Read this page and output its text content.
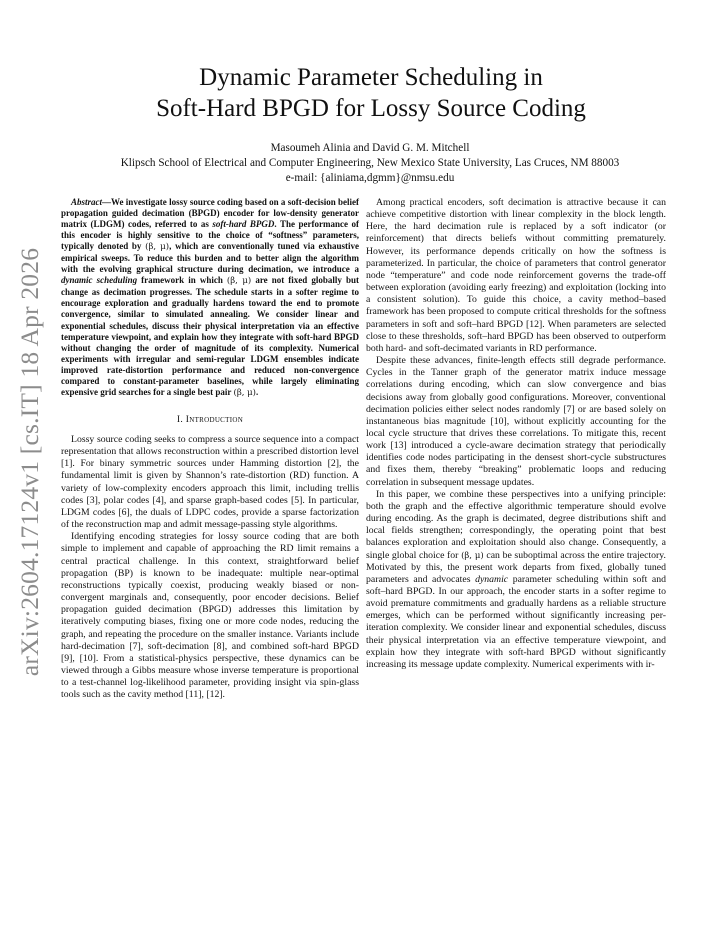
arXiv:2604.17124v1 [cs.IT] 18 Apr 2026
Dynamic Parameter Scheduling in
Soft-Hard BPGD for Lossy Source Coding
Masoumeh Alinia and David G. M. Mitchell
Klipsch School of Electrical and Computer Engineering, New Mexico State University, Las Cruces, NM 88003
e-mail: {aliniama,dgmm}@nmsu.edu

Abstract—We investigate lossy source coding based on a soft-decision belief propagation guided decimation (BPGD) encoder for low-density generator matrix (LDGM) codes, referred to as soft-hard BPGD. The performance of this encoder is highly sensitive to the choice of “softness” parameters, typically denoted by (β, μ), which are conventionally tuned via exhaustive empirical sweeps. To reduce this burden and to better align the algorithm with the evolving graphical structure during decimation, we introduce a dynamic scheduling framework in which (β, μ) are not fixed globally but change as decimation progresses. The schedule starts in a softer regime to encourage exploration and gradually hardens toward the end to promote convergence, similar to simulated annealing. We consider linear and exponential schedules, discuss their physical interpretation via an effective temperature viewpoint, and explain how they integrate with soft-hard BPGD without changing the order of magnitude of its complexity. Numerical experiments with irregular and semi-regular LDGM ensembles indicate improved rate-distortion performance and reduced non-convergence compared to constant-parameter baselines, while largely eliminating expensive grid searches for a single best pair (β, μ).

I. Introduction

Lossy source coding seeks to compress a source sequence into a compact representation that allows reconstruction within a prescribed distortion level [1]. For binary symmetric sources under Hamming distortion [2], the fundamental limit is given by Shannon’s rate-distortion (RD) function. A variety of low-complexity encoders approach this limit, including trellis codes [3], polar codes [4], and sparse graph-based codes [5]. In particular, LDGM codes [6], the duals of LDPC codes, provide a sparse factorization of the reconstruction map and admit message-passing style algorithms.

Identifying encoding strategies for lossy source coding that are both simple to implement and capable of approaching the RD limit remains a central practical challenge. In this context, straightforward belief propagation (BP) is known to be inadequate: multiple near-optimal reconstructions typically coexist, producing weakly biased or non-convergent marginals and, consequently, poor encoder decisions. Belief propagation guided decimation (BPGD) addresses this limitation by iteratively computing biases, fixing one or more code nodes, reducing the graph, and repeating the procedure on the smaller instance. Variants include hard-decimation [7], soft-decimation [8], and combined soft-hard BPGD [9], [10]. From a statistical-physics perspective, these dynamics can be viewed through a Gibbs measure whose inverse temperature is proportional to a test-channel log-likelihood parameter, providing insight via spin-glass tools such as the cavity method [11], [12].

Among practical encoders, soft decimation is attractive because it can achieve competitive distortion with linear complexity in the block length. Here, the hard decimation rule is replaced by a soft indicator (or reinforcement) that directs beliefs without committing prematurely. However, its performance depends critically on how the softness is parameterized. In particular, the choice of parameters that control generator node “temperature” and code node reinforcement governs the trade-off between exploration (avoiding early freezing) and exploitation (locking into a consistent solution). To guide this choice, a cavity method–based framework has been proposed to compute critical thresholds for the softness parameters in soft and soft–hard BPGD [12]. When parameters are selected close to these thresholds, soft–hard BPGD has been observed to outperform both hard- and soft-decimated variants in RD performance.

Despite these advances, finite-length effects still degrade performance. Cycles in the Tanner graph of the generator matrix induce message correlations during encoding, which can slow convergence and bias decisions away from globally good configurations. Moreover, conventional decimation policies either select nodes randomly [7] or are based solely on instantaneous bias magnitude [10], without explicitly accounting for the local cycle structure that drives these correlations. To mitigate this, recent work [13] introduced a cycle-aware decimation strategy that periodically identifies code nodes participating in the densest short-cycle substructures and fixes them, thereby “breaking” problematic loops and reducing correlation in subsequent message updates.

In this paper, we combine these perspectives into a unifying principle: both the graph and the effective algorithmic temperature should evolve during encoding. As the graph is decimated, degree distributions shift and local fields strengthen; correspondingly, the operating point that best balances exploration and exploitation should also change. Consequently, a single global choice for (β, μ) can be suboptimal across the entire trajectory. Motivated by this, the present work departs from fixed, globally tuned parameters and advocates dynamic parameter scheduling within soft and soft–hard BPGD. In our approach, the encoder starts in a softer regime to avoid premature commitments and gradually hardens as a reliable structure emerges, which can be performed without significantly increasing per-iteration complexity. We consider linear and exponential schedules, discuss their physical interpretation via an effective temperature viewpoint, and explain how they integrate with soft-hard BPGD without significantly increasing its message update complexity. Numerical experiments with ir-
